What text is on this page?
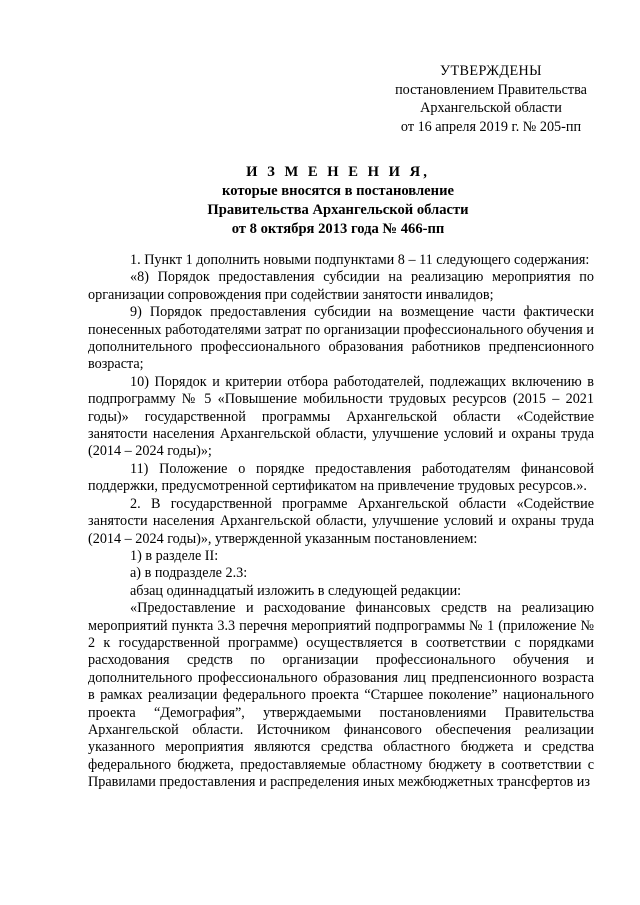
УТВЕРЖДЕНЫ
постановлением Правительства
Архангельской области
от 16 апреля 2019 г. № 205-пп
И З М Е Н Е Н И Я,
которые вносятся в постановление
Правительства Архангельской области
от 8 октября 2013 года № 466-пп

1. Пункт 1 дополнить новыми подпунктами 8 – 11 следующего содержания:

«8) Порядок предоставления субсидии на реализацию мероприятия по организации сопровождения при содействии занятости инвалидов;

9) Порядок предоставления субсидии на возмещение части фактически понесенных работодателями затрат по организации профессионального обучения и дополнительного профессионального образования работников предпенсионного возраста;

10) Порядок и критерии отбора работодателей, подлежащих включению в подпрограмму № 5 «Повышение мобильности трудовых ресурсов (2015 – 2021 годы)» государственной программы Архангельской области «Содействие занятости населения Архангельской области, улучшение условий и охраны труда (2014 – 2024 годы)»;

11) Положение о порядке предоставления работодателям финансовой поддержки, предусмотренной сертификатом на привлечение трудовых ресурсов.».

2. В государственной программе Архангельской области «Содействие занятости населения Архангельской области, улучшение условий и охраны труда (2014 – 2024 годы)», утвержденной указанным постановлением:

1) в разделе II:

а) в подразделе 2.3:

абзац одиннадцатый изложить в следующей редакции:

«Предоставление и расходование финансовых средств на реализацию мероприятий пункта 3.3 перечня мероприятий подпрограммы № 1 (приложение № 2 к государственной программе) осуществляется в соответствии с порядками расходования средств по организации профессионального обучения и дополнительного профессионального образования лиц предпенсионного возраста в рамках реализации федерального проекта “Старшее поколение” национального проекта “Демография”, утверждаемыми постановлениями Правительства Архангельской области. Источником финансового обеспечения реализации указанного мероприятия являются средства областного бюджета и средства федерального бюджета, предоставляемые областному бюджету в соответствии с Правилами предоставления и распределения иных межбюджетных трансфертов из
